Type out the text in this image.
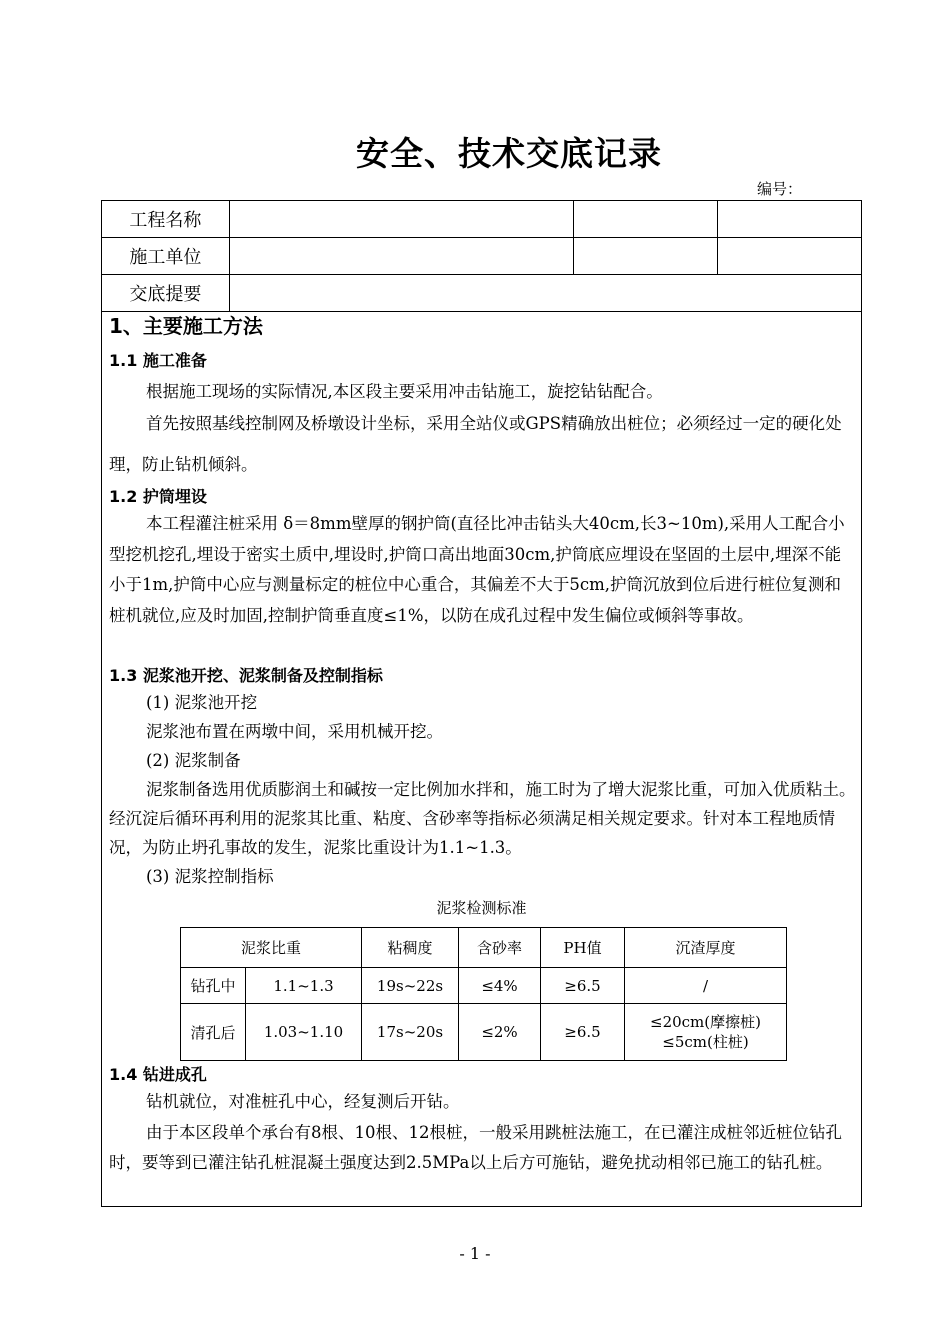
安全、技术交底记录
编号：
工程名称			
施工单位			
交底提要			
1、主要施工方法
1.1 施工准备

根据施工现场的实际情况,本区段主要采用冲击钻施工，旋挖钻钻配合。

首先按照基线控制网及桥墩设计坐标，采用全站仪或GPS精确放出桩位；必须经过一定的硬化处理，防止钻机倾斜。

1.2 护筒埋设

本工程灌注桩采用 δ＝8mm壁厚的钢护筒(直径比冲击钻头大40cm,长3~10m),采用人工配合小型挖机挖孔,埋设于密实土质中,埋设时,护筒口高出地面30cm,护筒底应埋设在坚固的土层中,埋深不能小于1m,护筒中心应与测量标定的桩位中心重合，其偏差不大于5cm,护筒沉放到位后进行桩位复测和桩机就位,应及时加固,控制护筒垂直度≤1%，以防在成孔过程中发生偏位或倾斜等事故。

1.3 泥浆池开挖、泥浆制备及控制指标

(1) 泥浆池开挖

泥浆池布置在两墩中间，采用机械开挖。

(2) 泥浆制备

泥浆制备选用优质膨润土和碱按一定比例加水拌和，施工时为了增大泥浆比重，可加入优质粘土。经沉淀后循环再利用的泥浆其比重、粘度、含砂率等指标必须满足相关规定要求。针对本工程地质情况，为防止坍孔事故的发生，泥浆比重设计为1.1~1.3。

(3) 泥浆控制指标

泥浆检测标准
泥浆比重		粘稠度	含砂率	PH值	沉渣厚度
钻孔中	1.1~1.3	19s~22s	≤4%	≥6.5	/
清孔后	1.03~1.10	17s~20s	≤2%	≥6.5	≤20cm(摩擦桩)
≤5cm(柱桩)
1.4 钻进成孔

钻机就位，对准桩孔中心，经复测后开钻。

由于本区段单个承台有8根、10根、12根桩，一般采用跳桩法施工，在已灌注成桩邻近桩位钻孔时，要等到已灌注钻孔桩混凝土强度达到2.5MPa以上后方可施钻，避免扰动相邻已施工的钻孔桩。

- 1 -
